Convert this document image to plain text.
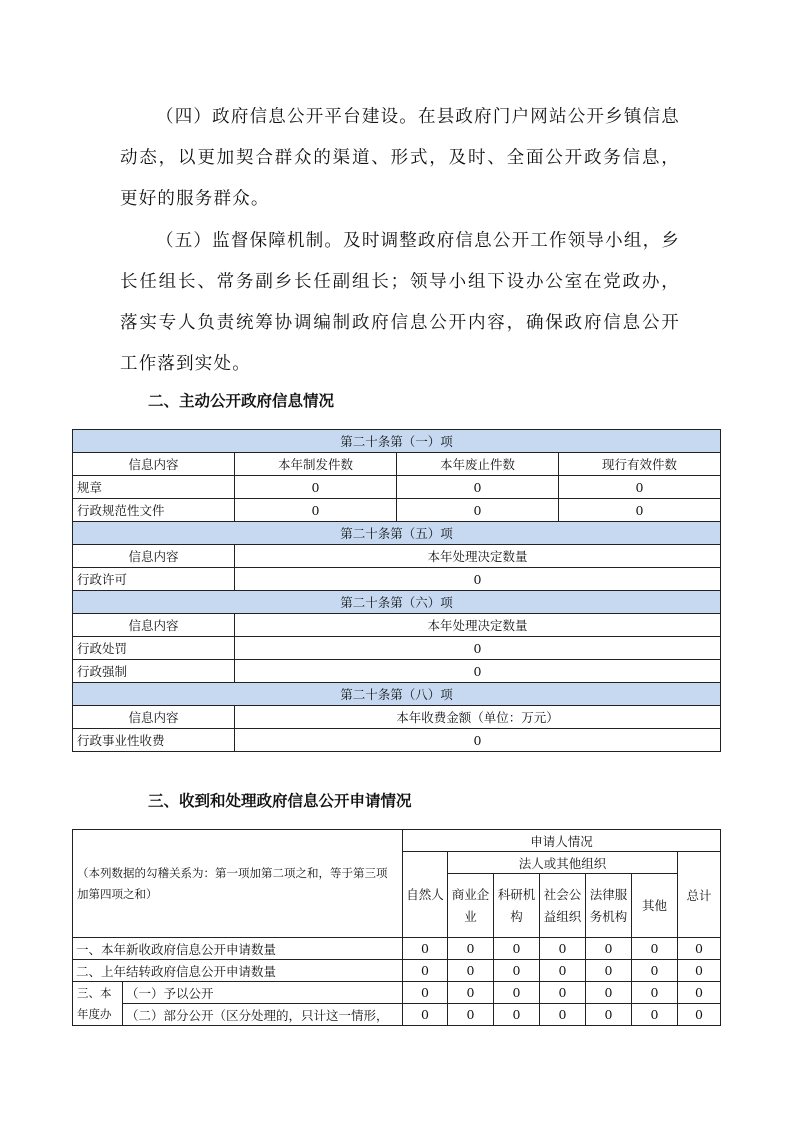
（四）政府信息公开平台建设。在县政府门户网站公开乡镇信息动态，以更加契合群众的渠道、形式，及时、全面公开政务信息，更好的服务群众。
（五）监督保障机制。及时调整政府信息公开工作领导小组，乡长任组长、常务副乡长任副组长；领导小组下设办公室在党政办，落实专人负责统筹协调编制政府信息公开内容，确保政府信息公开工作落到实处。
二、主动公开政府信息情况
第二十条第（一）项			
信息内容	本年制发件数	本年废止件数	现行有效件数
规章	0	0	0
行政规范性文件	0	0	0
第二十条第（五）项			
信息内容	本年处理决定数量		
行政许可	0		
第二十条第（六）项			
信息内容	本年处理决定数量		
行政处罚	0		
行政强制	0		
第二十条第（八）项			
信息内容	本年收费金额（单位：万元）		
行政事业性收费	0		
三、收到和处理政府信息公开申请情况
（本列数据的勾稽关系为：第一项加第二项之和，等于第三项加第四项之和）		申请人情况						
		自然人	法人或其他组织					总计
			商业企业	科研机构	社会公益组织	法律服务机构	其他	
一、本年新收政府信息公开申请数量		0	0	0	0	0	0	0
二、上年结转政府信息公开申请数量		0	0	0	0	0	0	0
三、本年度办	（一）予以公开	0	0	0	0	0	0	0
	（二）部分公开（区分处理的，只计这一情形，	0	0	0	0	0	0	0
